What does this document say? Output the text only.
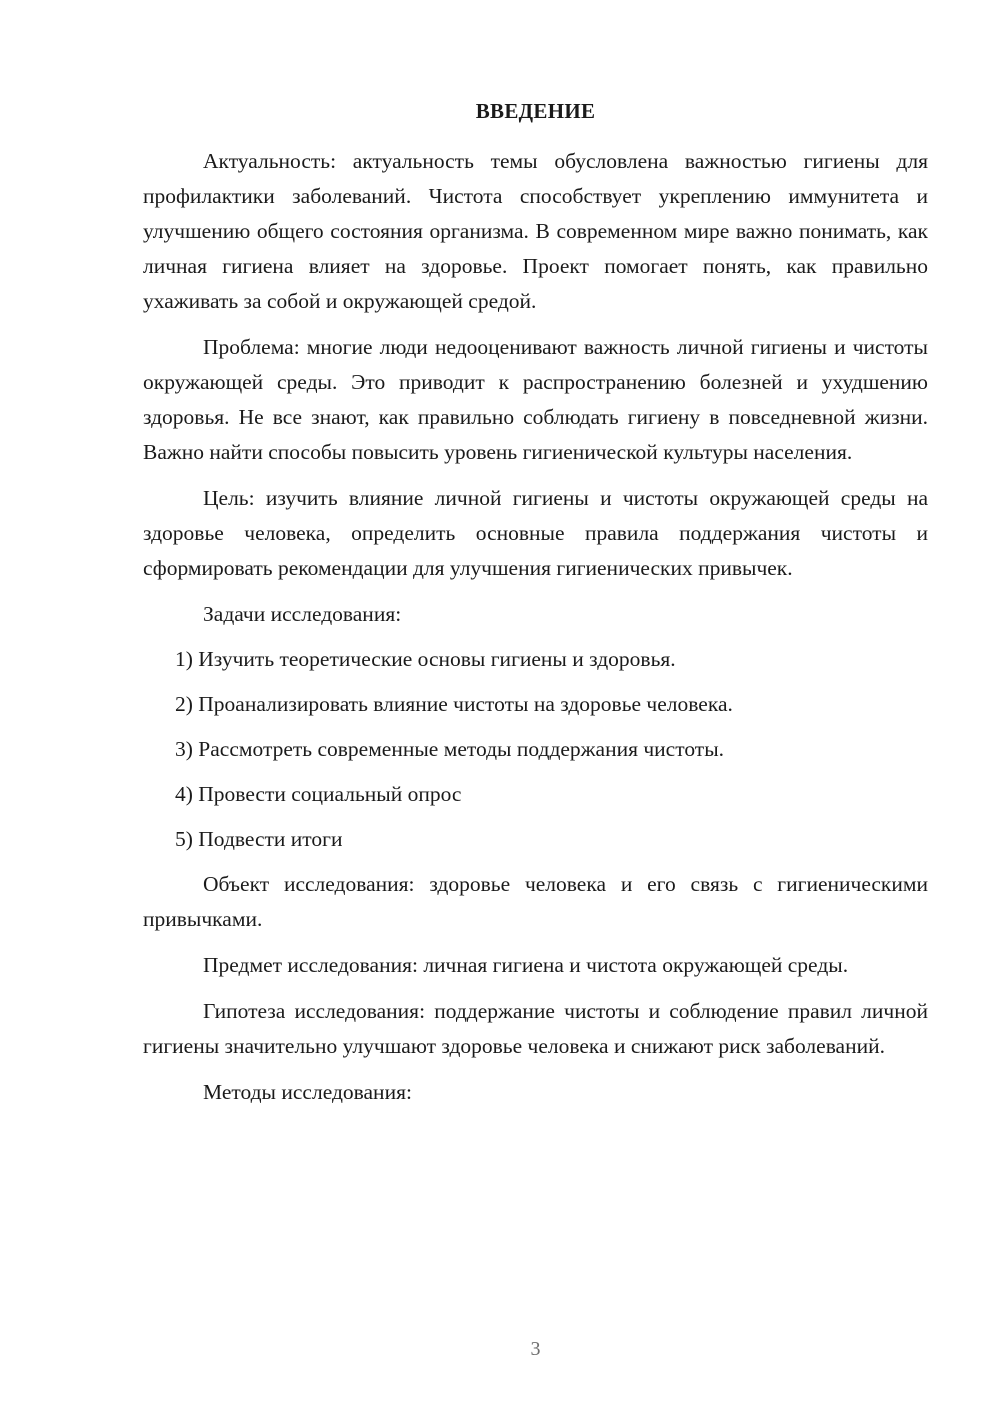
ВВЕДЕНИЕ

Актуальность: актуальность темы обусловлена важностью гигиены для профилактики заболеваний. Чистота способствует укреплению иммунитета и улучшению общего состояния организма. В современном мире важно понимать, как личная гигиена влияет на здоровье. Проект помогает понять, как правильно ухаживать за собой и окружающей средой.

Проблема: многие люди недооценивают важность личной гигиены и чистоты окружающей среды. Это приводит к распространению болезней и ухудшению здоровья. Не все знают, как правильно соблюдать гигиену в повседневной жизни. Важно найти способы повысить уровень гигиенической культуры населения.

Цель: изучить влияние личной гигиены и чистоты окружающей среды на здоровье человека, определить основные правила поддержания чистоты и сформировать рекомендации для улучшения гигиенических привычек.

Задачи исследования:

1) Изучить теоретические основы гигиены и здоровья.
2) Проанализировать влияние чистоты на здоровье человека.
3) Рассмотреть современные методы поддержания чистоты.
4) Провести социальный опрос
5) Подвести итоги

Объект исследования: здоровье человека и его связь с гигиеническими привычками.

Предмет исследования: личная гигиена и чистота окружающей среды.

Гипотеза исследования: поддержание чистоты и соблюдение правил личной гигиены значительно улучшают здоровье человека и снижают риск заболеваний.

Методы исследования:

3
